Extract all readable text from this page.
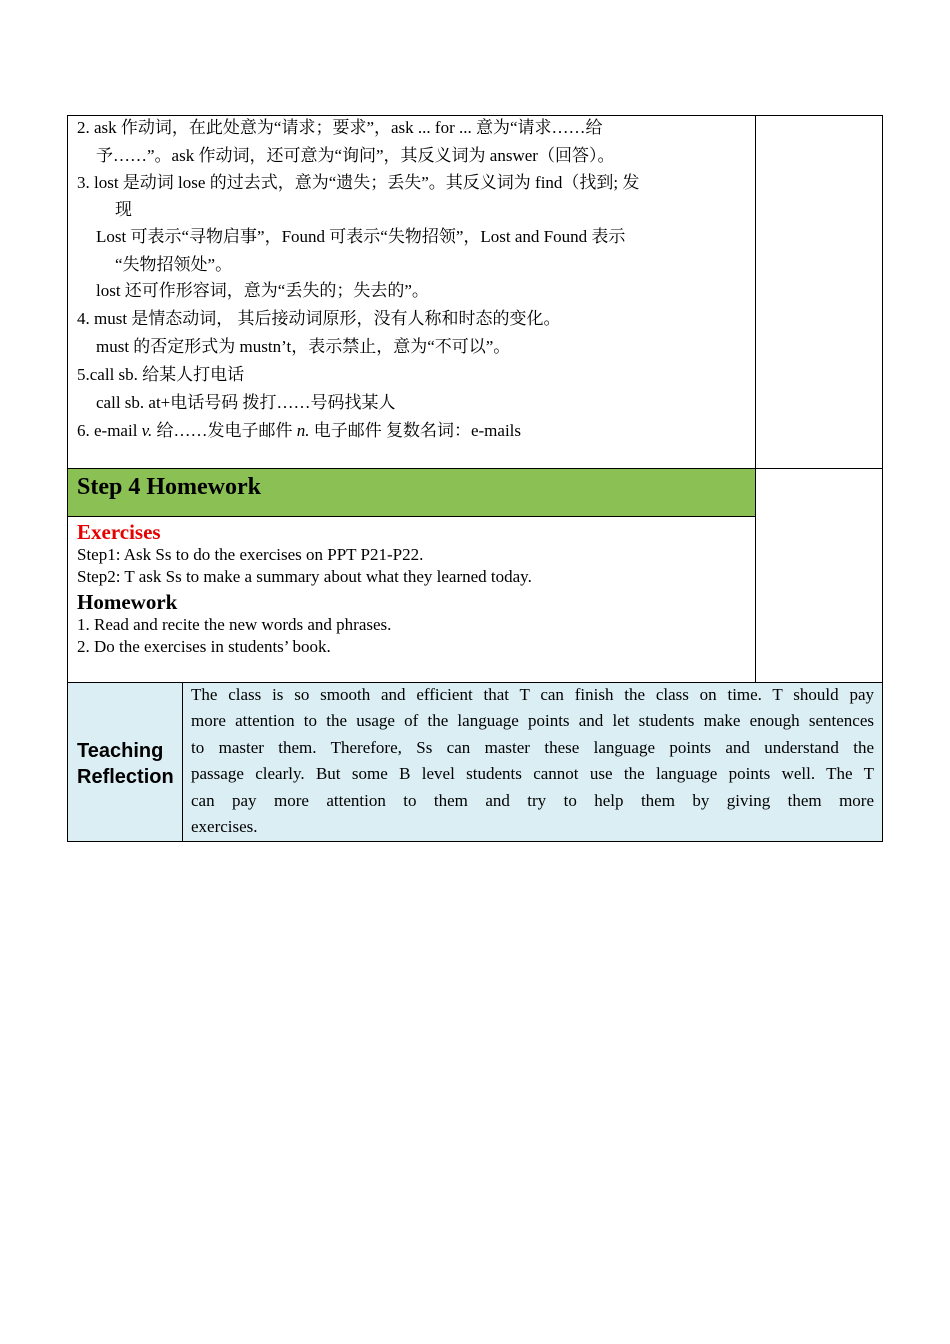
2. ask 作动词，在此处意为“请求；要求”，ask ... for ... 意为“请求……给
予……”。ask 作动词，还可意为“询问”，其反义词为 answer（回答）。
3. lost 是动词 lose 的过去式，意为“遗失；丢失”。其反义词为 find（找到; 发
现
Lost 可表示“寻物启事”，Found 可表示“失物招领”，Lost and Found 表示
“失物招领处”。
lost 还可作形容词，意为“丢失的；失去的”。
4. must 是情态动词， 其后接动词原形，没有人称和时态的变化。
must 的否定形式为 mustn’t，表示禁止，意为“不可以”。
5.call sb. 给某人打电话
call sb. at+电话号码 拨打……号码找某人
6. e-mail v. 给……发电子邮件 n. 电子邮件 复数名词：e-mails
Step 4 Homework
Exercises
Step1: Ask Ss to do the exercises on PPT P21-P22.
Step2: T ask Ss to make a summary about what they learned today.
Homework
1. Read and recite the new words and phrases.
2. Do the exercises in students’ book.
Teaching
Reflection
The class is so smooth and efficient that T can finish the class on time. T should pay
more attention to the usage of the language points and let students make enough sentences
to master them. Therefore, Ss can master these language points and understand the
passage clearly. But some B level students cannot use the language points well. The T
can pay more attention to them and try to help them by giving them more
exercises.
